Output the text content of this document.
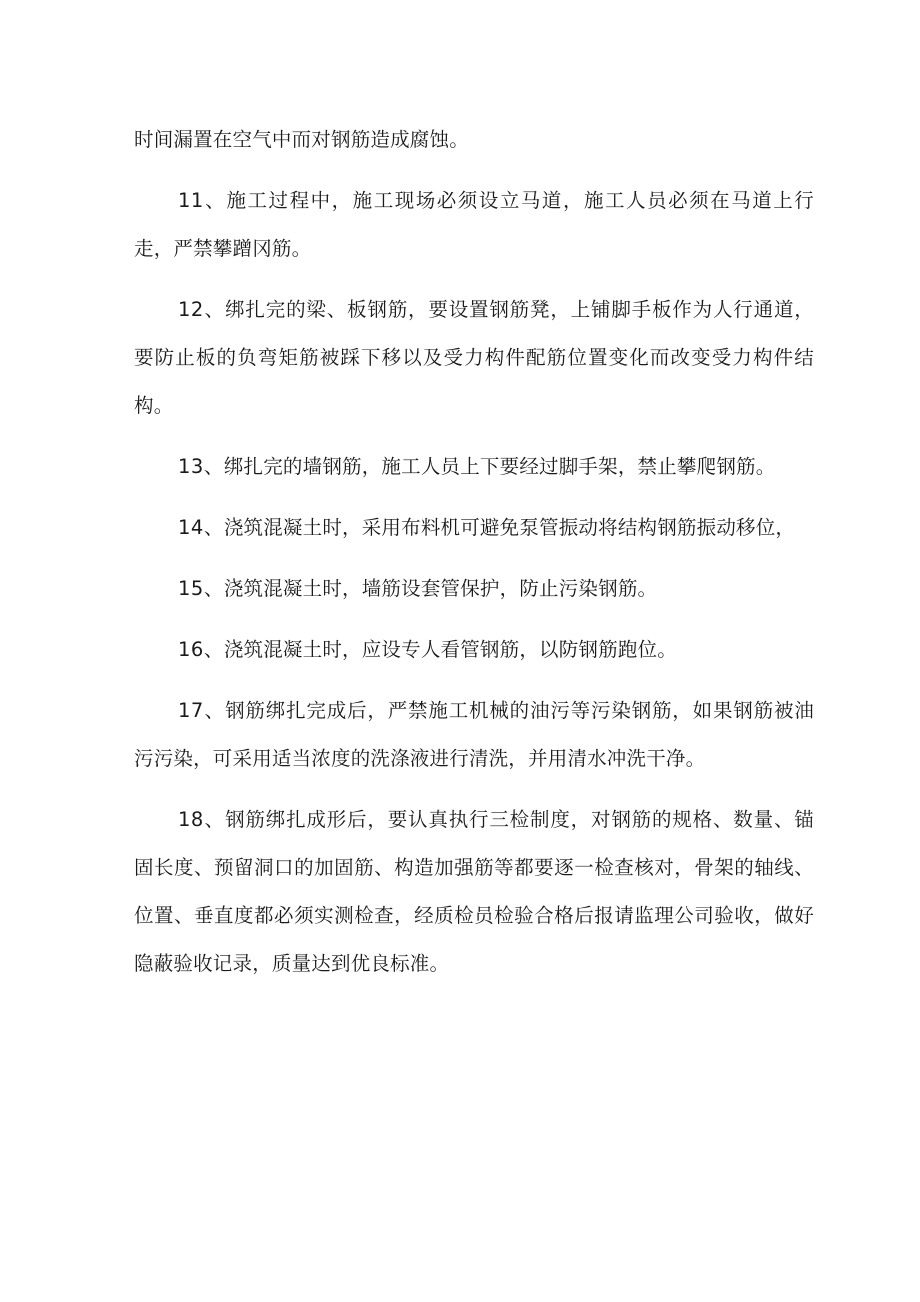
时间漏置在空气中而对钢筋造成腐蚀。

11、施工过程中，施工现场必须设立马道，施工人员必须在马道上行走，严禁攀蹭冈筋。

12、绑扎完的梁、板钢筋，要设置钢筋凳，上铺脚手板作为人行通道，要防止板的负弯矩筋被踩下移以及受力构件配筋位置变化而改变受力构件结构。

13、绑扎完的墙钢筋，施工人员上下要经过脚手架，禁止攀爬钢筋。

14、浇筑混凝土时，采用布料机可避免泵管振动将结构钢筋振动移位，

15、浇筑混凝土时，墙筋设套管保护，防止污染钢筋。

16、浇筑混凝土时，应设专人看管钢筋，以防钢筋跑位。

17、钢筋绑扎完成后，严禁施工机械的油污等污染钢筋，如果钢筋被油污污染，可采用适当浓度的洗涤液进行清洗，并用清水冲洗干净。

18、钢筋绑扎成形后，要认真执行三检制度，对钢筋的规格、数量、锚固长度、预留洞口的加固筋、构造加强筋等都要逐一检查核对，骨架的轴线、位置、垂直度都必须实测检查，经质检员检验合格后报请监理公司验收，做好隐蔽验收记录，质量达到优良标准。
